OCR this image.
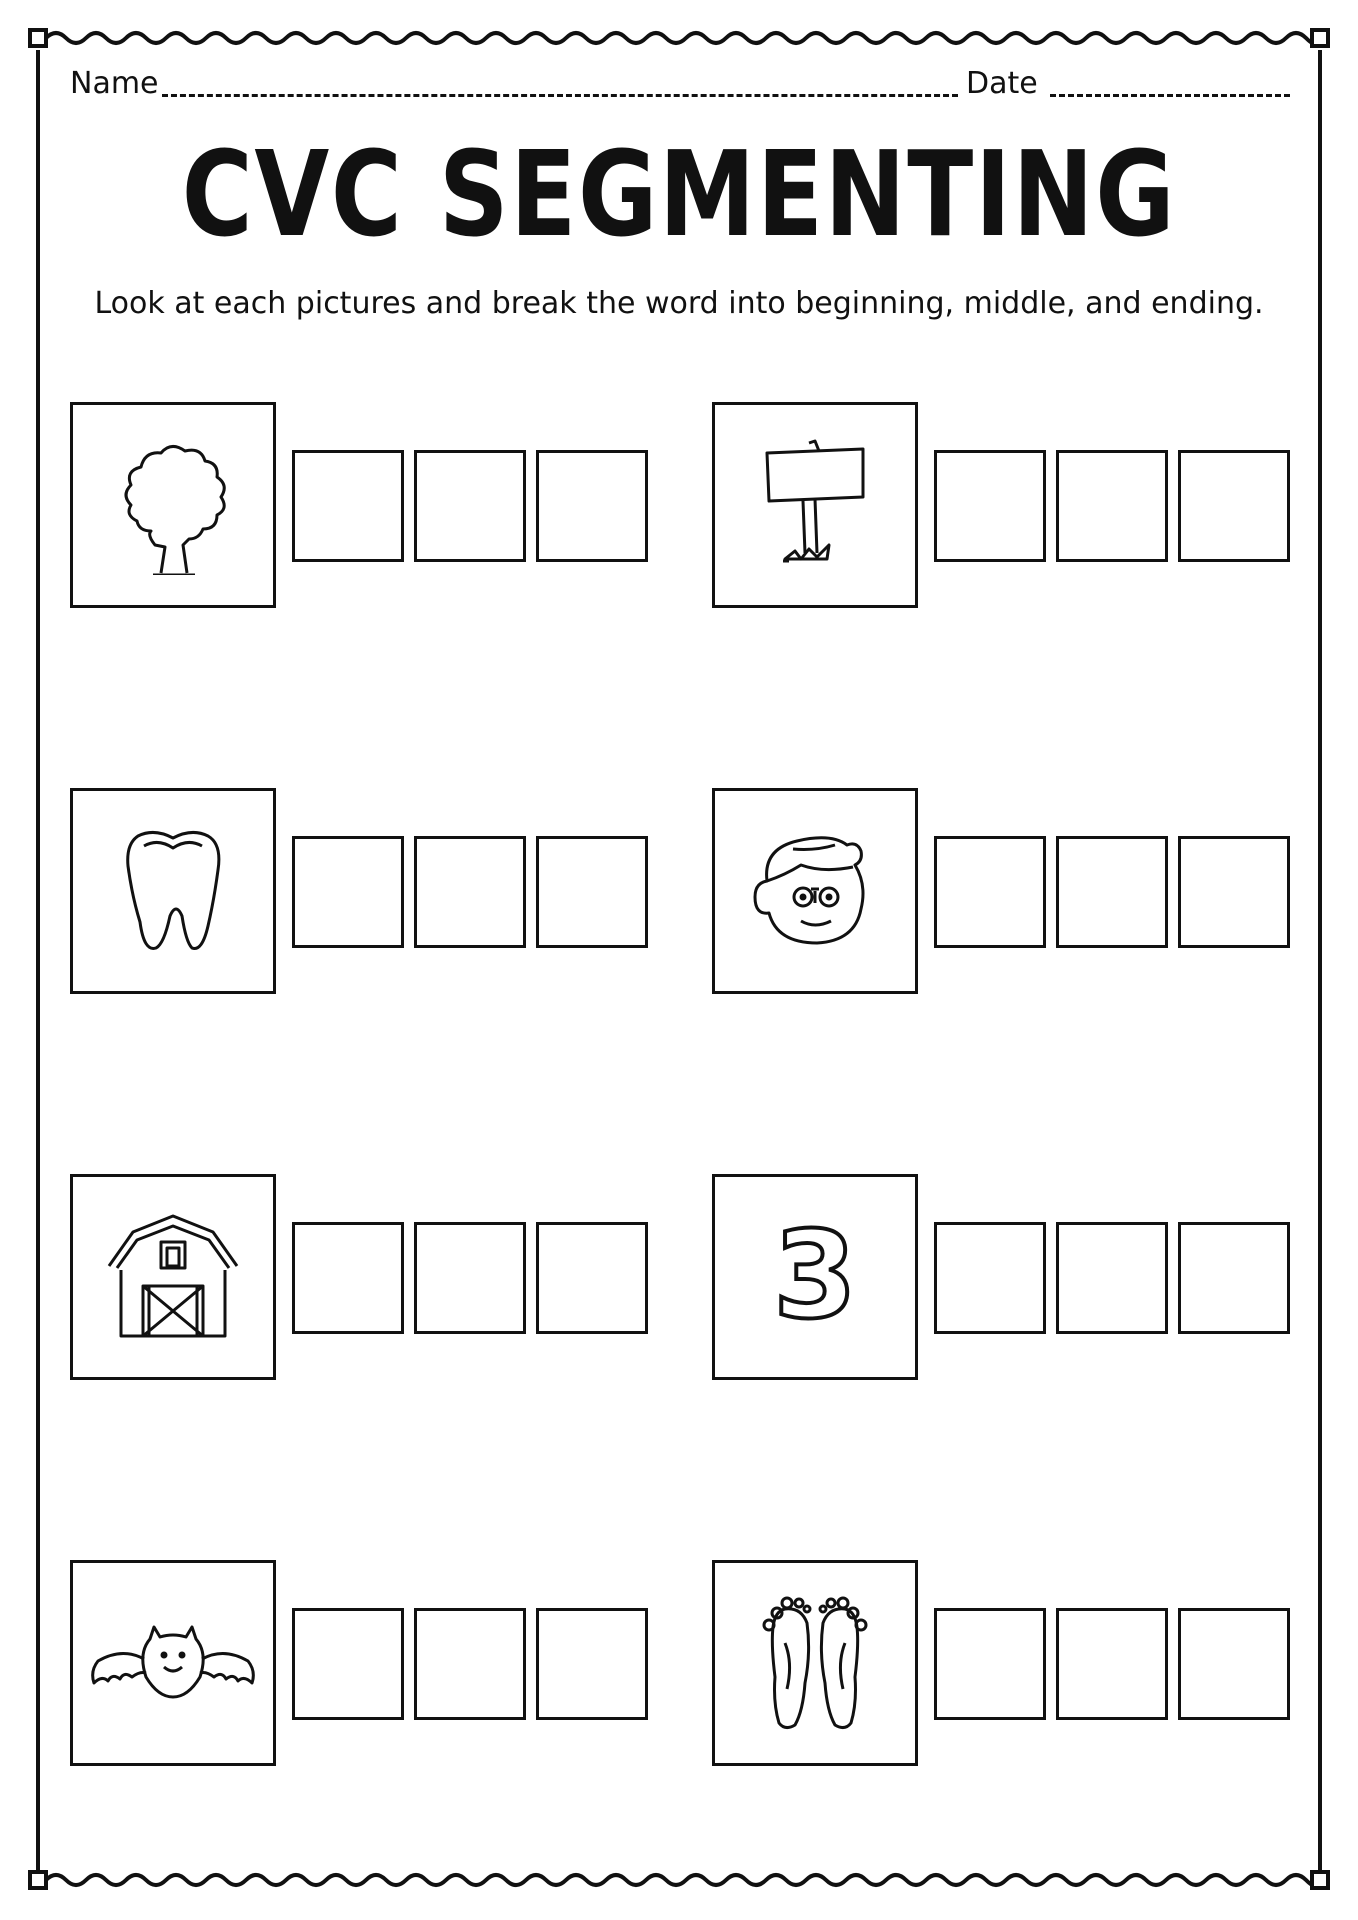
Name	Date
CVC SEGMENTING
Look at each pictures and break the word into beginning, middle, and ending.
3
